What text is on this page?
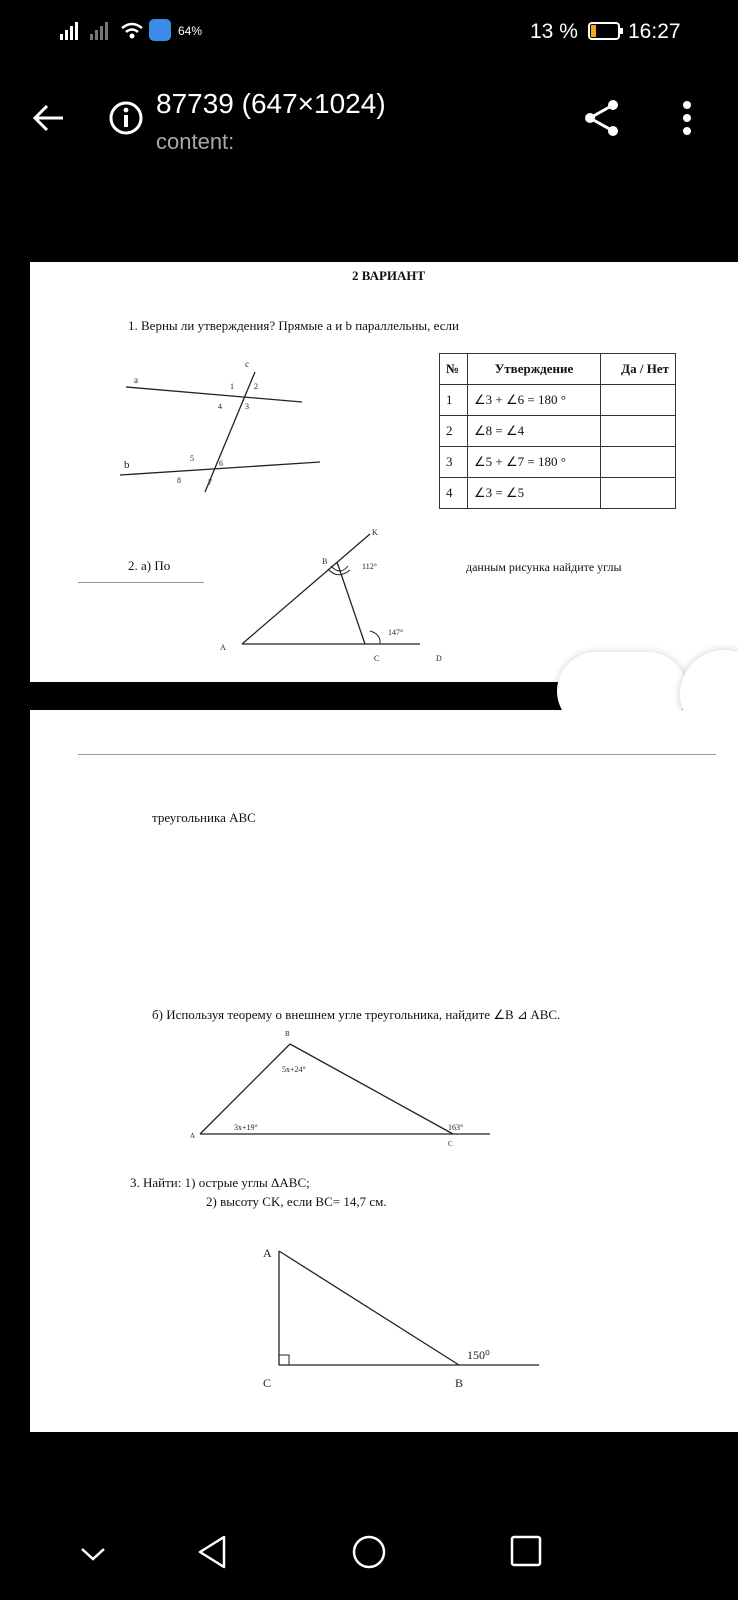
64%	13 % 16:27
87739 (647×1024)
content:
2 ВАРИАНТ
1. Верны ли утверждения? Прямые а и b параллельны, если
c
a
b
1	2
3
4
5
6
7
8
№	Утверждение	Да / Нет
1	∠3 + ∠6 = 180 °	
2	∠8 = ∠4	
3	∠5 + ∠7 = 180 °	
4	∠3 = ∠5	
2. а) По	данным рисунка найдите углы
K
B
A
C	D
112°
147°
треугольника ABC
б) Используя теорему о внешнем угле треугольника, найдите ∠B ⊿ ABC.
B
A
C
5x+24°
3x+19°	163°
3. Найти: 1) острые углы ΔABC;
2) высоту CK, если BC= 14,7 см.
A
C	B
150⁰
